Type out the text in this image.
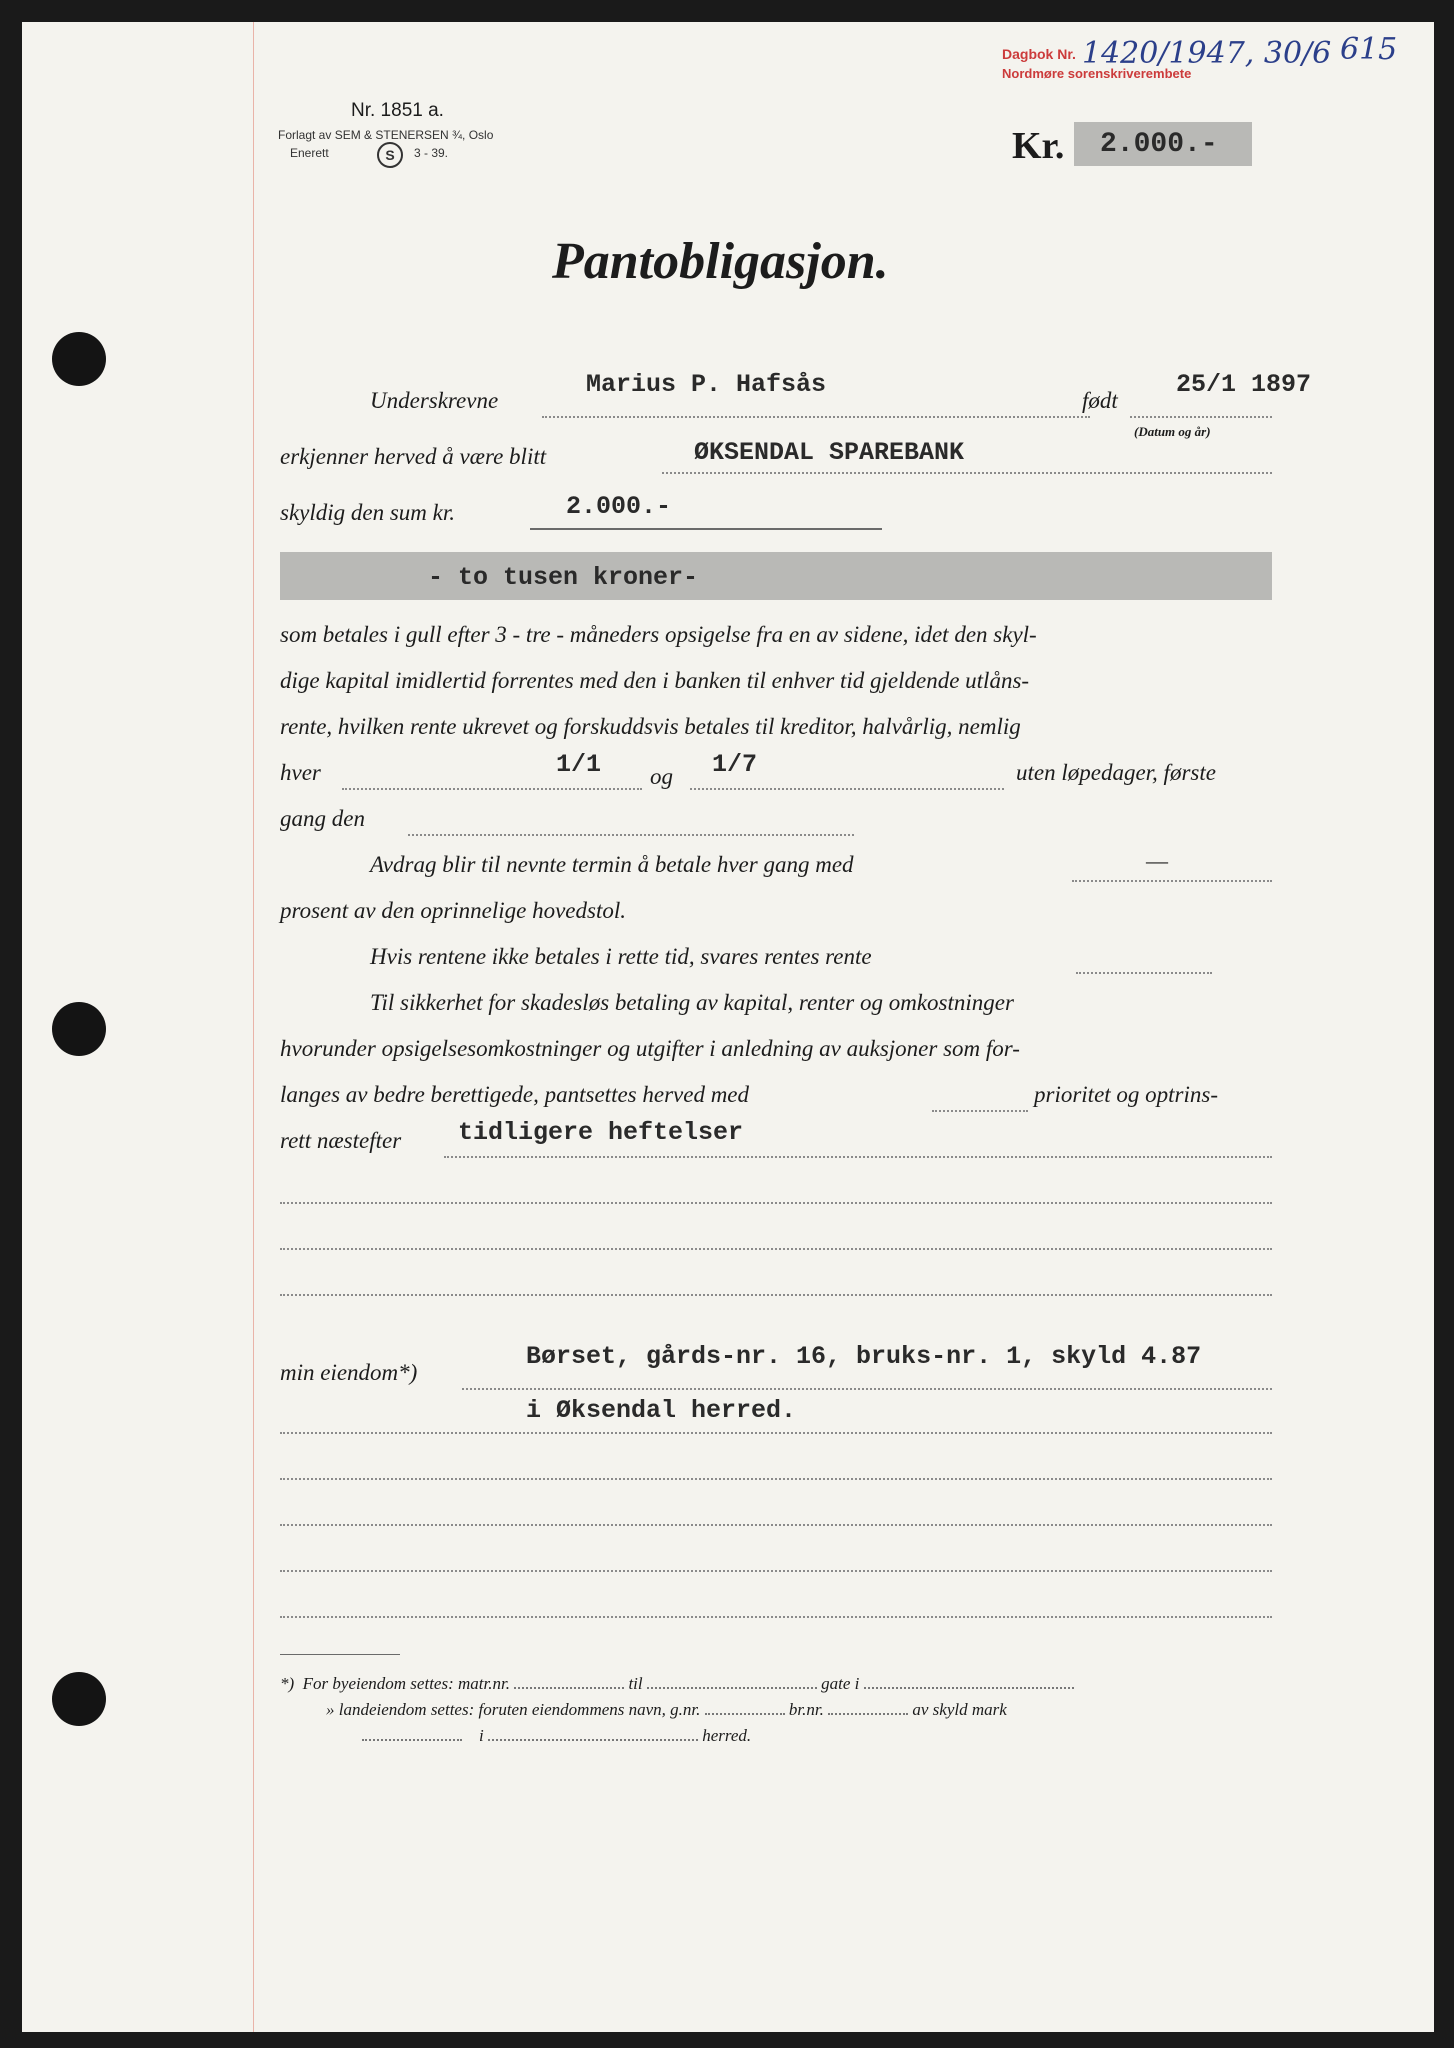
Nr. 1851 a.
Forlagt av SEM & STENERSEN ¾, Oslo
Enerett	S	3 - 39.
Dagbok Nr.
Nordmøre sorenskriverembete
1420/1947, 30/6 615
Kr. 2.000.-
Pantobligasjon.
Underskrevne
Marius P. Hafsås
født
25/1 1897
(Datum og år)
erkjenner herved å være blitt	ØKSENDAL SPAREBANK
skyldig den sum kr.	2.000.-
- to tusen kroner-
som betales i gull efter 3 - tre - måneders opsigelse fra en av sidene, idet den skyl-
dige kapital imidlertid forrentes med den i banken til enhver tid gjeldende utlåns-
rente, hvilken rente ukrevet og forskuddsvis betales til kreditor, halvårlig, nemlig
hver	1/1 og 1/7	uten løpedager, første
gang den
Avdrag blir til nevnte termin å betale hver gang med	—
prosent av den oprinnelige hovedstol.
Hvis rentene ikke betales i rette tid, svares rentes rente
Til sikkerhet for skadesløs betaling av kapital, renter og omkostninger
hvorunder opsigelsesomkostninger og utgifter i anledning av auksjoner som for-
langes av bedre berettigede, pantsettes herved med	prioritet og optrins-
rett næstefter tidligere heftelser
min eiendom*)
Børset, gårds-nr. 16, bruks-nr. 1, skyld 4.87
i Øksendal herred.
*) For byeiendom settes: matr.nr.	til	gate i
» landeiendom settes: foruten eiendommens navn, g.nr.	br.nr.	av skyld mark
i	herred.
